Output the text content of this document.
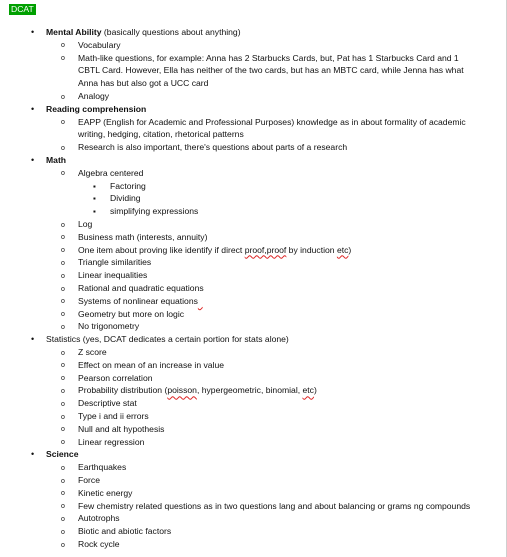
DCAT
• Mental Ability (basically questions about anything)
o Vocabulary
o Math-like questions, for example: Anna has 2 Starbucks Cards, but, Pat has 1 Starbucks Card and 1
CBTL Card. However, Ella has neither of the two cards, but has an MBTC card, while Jenna has what
Anna has but also got a UCC card
o Analogy
• Reading comprehension
o EAPP (English for Academic and Professional Purposes) knowledge as in about formality of academic
writing, hedging, citation, rhetorical patterns
o Research is also important, there's questions about parts of a research
• Math
o Algebra centered
▪ Factoring
▪ Dividing
▪ simplifying expressions
o Log
o Business math (interests, annuity)
o One item about proving like identify if direct proof,proof by induction etc)
o Triangle similarities
o Linear inequalities
o Rational and quadratic equations
o Systems of nonlinear equations
o Geometry but more on logic
o No trigonometry
• Statistics (yes, DCAT dedicates a certain portion for stats alone)
o Z score
o Effect on mean of an increase in value
o Pearson correlation
o Probability distribution (poisson, hypergeometric, binomial, etc)
o Descriptive stat
o Type i and ii errors
o Null and alt hypothesis
o Linear regression
• Science
o Earthquakes
o Force
o Kinetic energy
o Few chemistry related questions as in two questions lang and about balancing or grams ng compounds
o Autotrophs
o Biotic and abiotic factors
o Rock cycle
